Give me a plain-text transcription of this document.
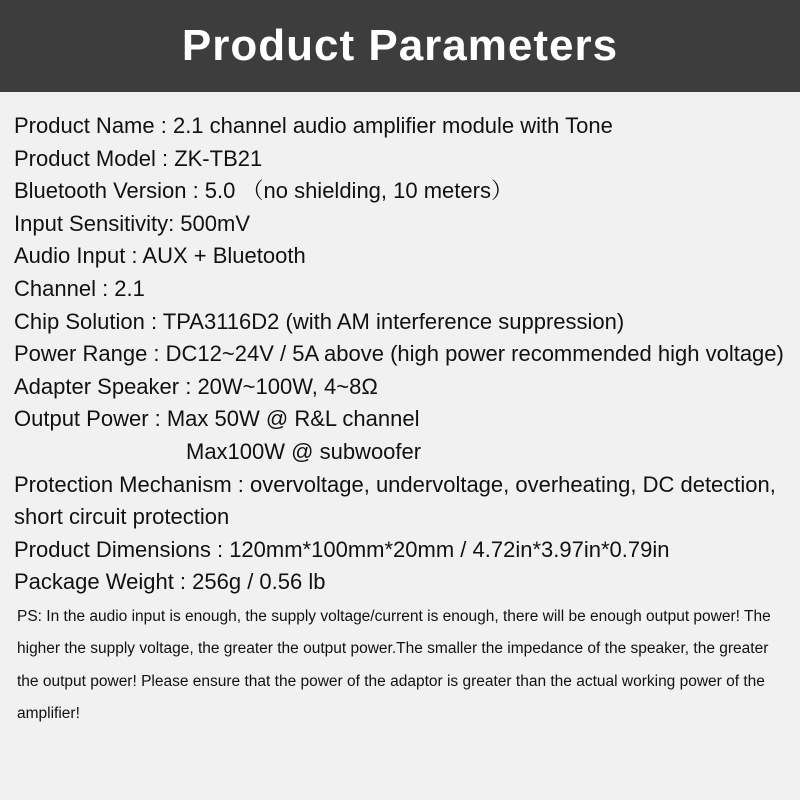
Product Parameters

Product Name : 2.1 channel audio amplifier module with Tone

Product Model : ZK-TB21

Bluetooth Version : 5.0 （no shielding, 10 meters）

Input Sensitivity: 500mV

Audio Input : AUX + Bluetooth

Channel : 2.1

Chip Solution : TPA3116D2 (with AM interference suppression)

Power Range : DC12~24V / 5A above (high power recommended high voltage)

Adapter Speaker : 20W~100W, 4~8Ω

Output Power : Max 50W @ R&L channel

Max100W @ subwoofer

Protection Mechanism : overvoltage, undervoltage, overheating, DC detection, short circuit protection

Product Dimensions : 120mm*100mm*20mm / 4.72in*3.97in*0.79in

Package Weight : 256g / 0.56 lb

PS: In the audio input is enough, the supply voltage/current is enough, there will be enough output power! The higher the supply voltage, the greater the output power.The smaller the impedance of the speaker, the greater the output power! Please ensure that the power of the adaptor is greater than the actual working power of the amplifier!
